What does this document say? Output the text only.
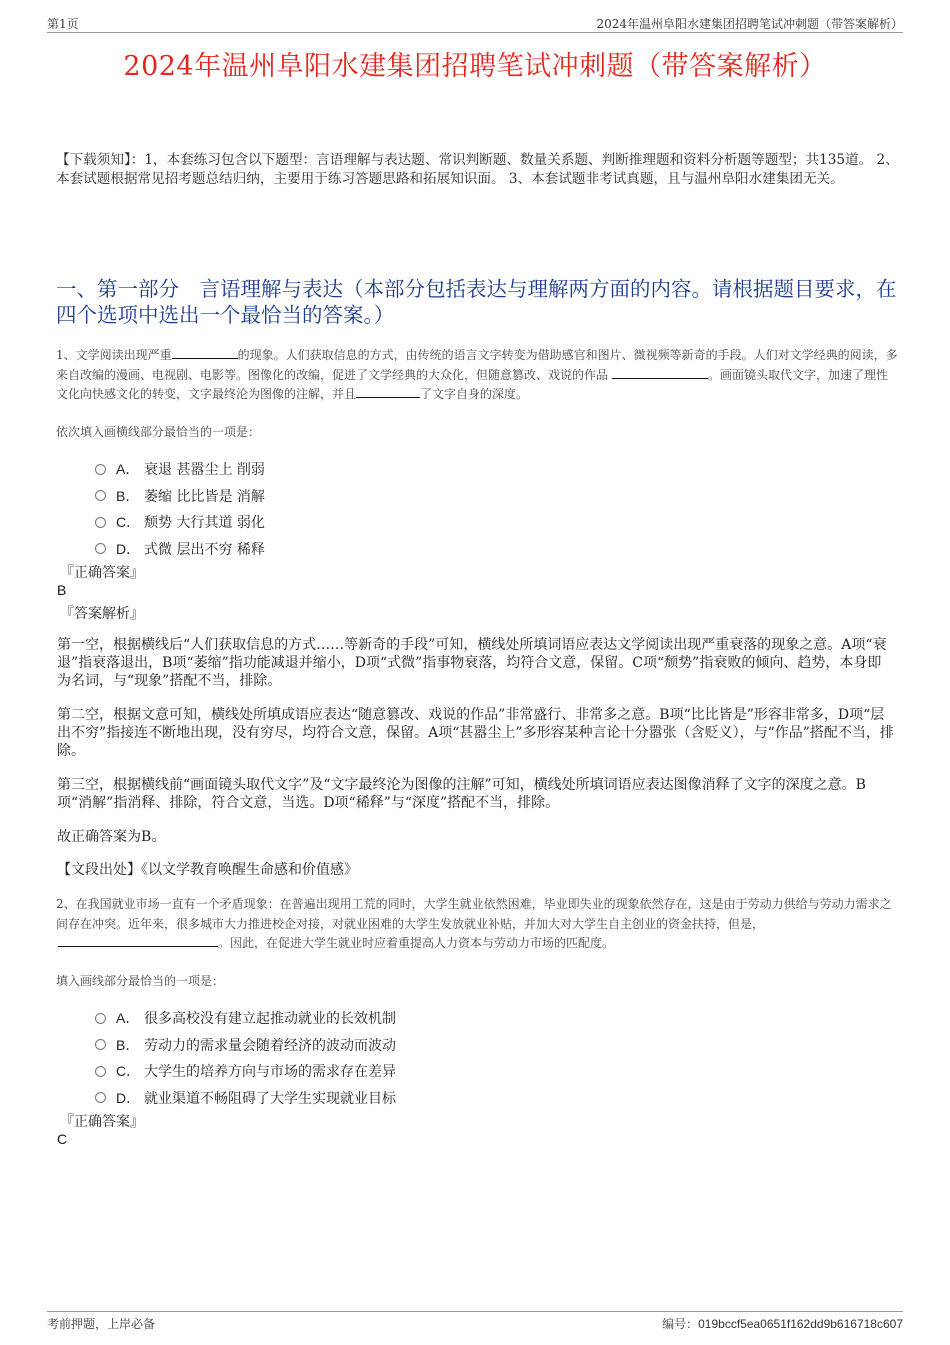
第1页	2024年温州阜阳水建集团招聘笔试冲刺题（带答案解析）
2024年温州阜阳水建集团招聘笔试冲刺题（带答案解析）
【下载须知】：1，本套练习包含以下题型：言语理解与表达题、常识判断题、数量关系题、判断推理题和资料分析题等题型；共135道。 2、本套试题根据常见招考题总结归纳，主要用于练习答题思路和拓展知识面。 3、本套试题非考试真题，且与温州阜阳水建集团无关。
一、第一部分　言语理解与表达（本部分包括表达与理解两方面的内容。请根据题目要求，在四个选项中选出一个最恰当的答案。）
1、文学阅读出现严重	的现象。人们获取信息的方式，由传统的语言文字转变为借助感官和图片、微视频等新奇的手段。人们对文学经典的阅读，多来自改编的漫画、电视剧、电影等。图像化的改编，促进了文学经典的大众化，但随意篡改、戏说的作品	。画面镜头取代文字，加速了理性文化向快感文化的转变，文字最终沦为图像的注解，并且	了文字自身的深度。
依次填入画横线部分最恰当的一项是：
A． 衰退 甚嚣尘上 削弱
B． 萎缩 比比皆是 消解
C． 颓势 大行其道 弱化
D． 式微 层出不穷 稀释
『正确答案』
B
『答案解析』
第一空，根据横线后“人们获取信息的方式……等新奇的手段”可知，横线处所填词语应表达文学阅读出现严重衰落的现象之意。A项“衰退”指衰落退出，B项“萎缩”指功能减退并缩小，D项“式微”指事物衰落，均符合文意，保留。C项“颓势”指衰败的倾向、趋势，本身即为名词，与“现象”搭配不当，排除。
第二空，根据文意可知，横线处所填成语应表达“随意篡改、戏说的作品”非常盛行、非常多之意。B项“比比皆是”形容非常多，D项“层出不穷”指接连不断地出现，没有穷尽，均符合文意，保留。A项“甚嚣尘上”多形容某种言论十分嚣张（含贬义），与“作品”搭配不当，排除。
第三空，根据横线前“画面镜头取代文字”及“文字最终沦为图像的注解”可知，横线处所填词语应表达图像消释了文字的深度之意。B项“消解”指消释、排除，符合文意，当选。D项“稀释”与“深度”搭配不当，排除。
故正确答案为B。
【文段出处】《以文学教育唤醒生命感和价值感》
2、在我国就业市场一直有一个矛盾现象：在普遍出现用工荒的同时，大学生就业依然困难，毕业即失业的现象依然存在，这是由于劳动力供给与劳动力需求之间存在冲突。近年来，很多城市大力推进校企对接，对就业困难的大学生发放就业补贴，并加大对大学生自主创业的资金扶持，但是，。因此，在促进大学生就业时应着重提高人力资本与劳动力市场的匹配度。
填入画线部分最恰当的一项是：
A． 很多高校没有建立起推动就业的长效机制
B． 劳动力的需求量会随着经济的波动而波动
C． 大学生的培养方向与市场的需求存在差异
D． 就业渠道不畅阻碍了大学生实现就业目标
『正确答案』
C
考前押题，上岸必备	编号：019bccf5ea0651f162dd9b616718c607
